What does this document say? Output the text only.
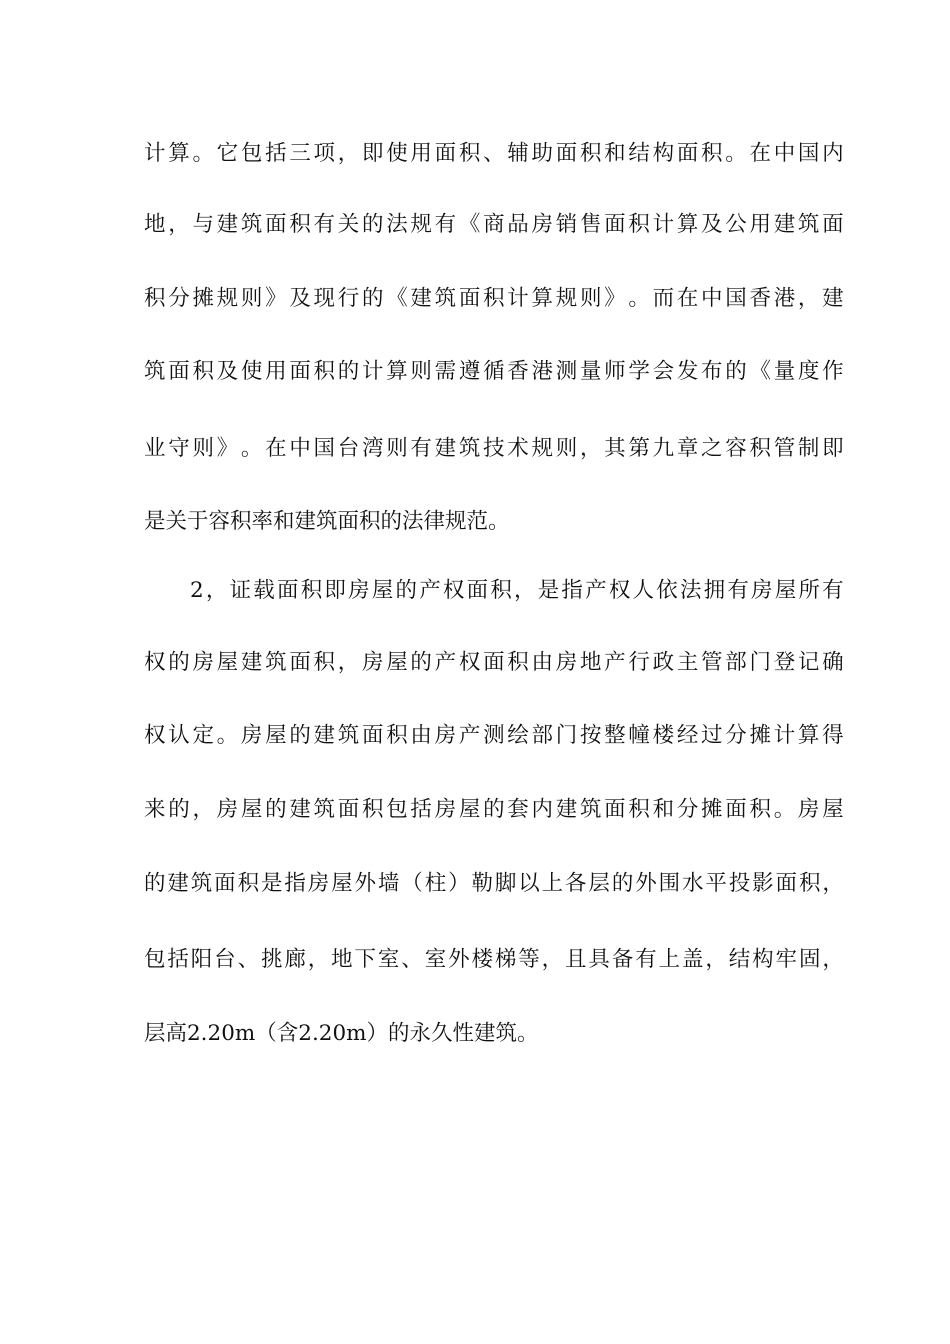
计 算 。 它 包 括 三 项 ， 即 使 用 面 积 、 辅 助 面 积 和 结 构 面 积 。 在 中 国 内
地 ， 与 建 筑 面 积 有 关 的 法 规 有 《 商 品 房 销 售 面 积 计 算 及 公 用 建 筑 面
积 分 摊 规 则 》 及 现 行 的 《 建 筑 面 积 计 算 规 则 》 。 而 在 中 国 香 港 ， 建
筑 面 积 及 使 用 面 积 的 计 算 则 需 遵 循 香 港 测 量 师 学 会 发 布 的 《 量 度 作
业 守 则 》 。 在 中 国 台 湾 则 有 建 筑 技 术 规 则 ， 其 第 九 章 之 容 积 管 制 即
是关于容积率和建筑面积的法律规范。
2 ， 证 载 面 积 即 房 屋 的 产 权 面 积 ， 是 指 产 权 人 依 法 拥 有 房 屋 所 有
权 的 房 屋 建 筑 面 积 ， 房 屋 的 产 权 面 积 由 房 地 产 行 政 主 管 部 门 登 记 确
权 认 定 。 房 屋 的 建 筑 面 积 由 房 产 测 绘 部 门 按 整 幢 楼 经 过 分 摊 计 算 得
来 的 ， 房 屋 的 建 筑 面 积 包 括 房 屋 的 套 内 建 筑 面 积 和 分 摊 面 积 。 房 屋
的 建 筑 面 积 是 指 房 屋 外 墙 （ 柱 ） 勒 脚 以 上 各 层 的 外 围 水 平 投 影 面 积 ，
包 括 阳 台 、 挑 廊 ， 地 下 室 、 室 外 楼 梯 等 ， 且 具 备 有 上 盖 ， 结 构 牢 固 ，
层高2.20m（含2.20m）的永久性建筑。
